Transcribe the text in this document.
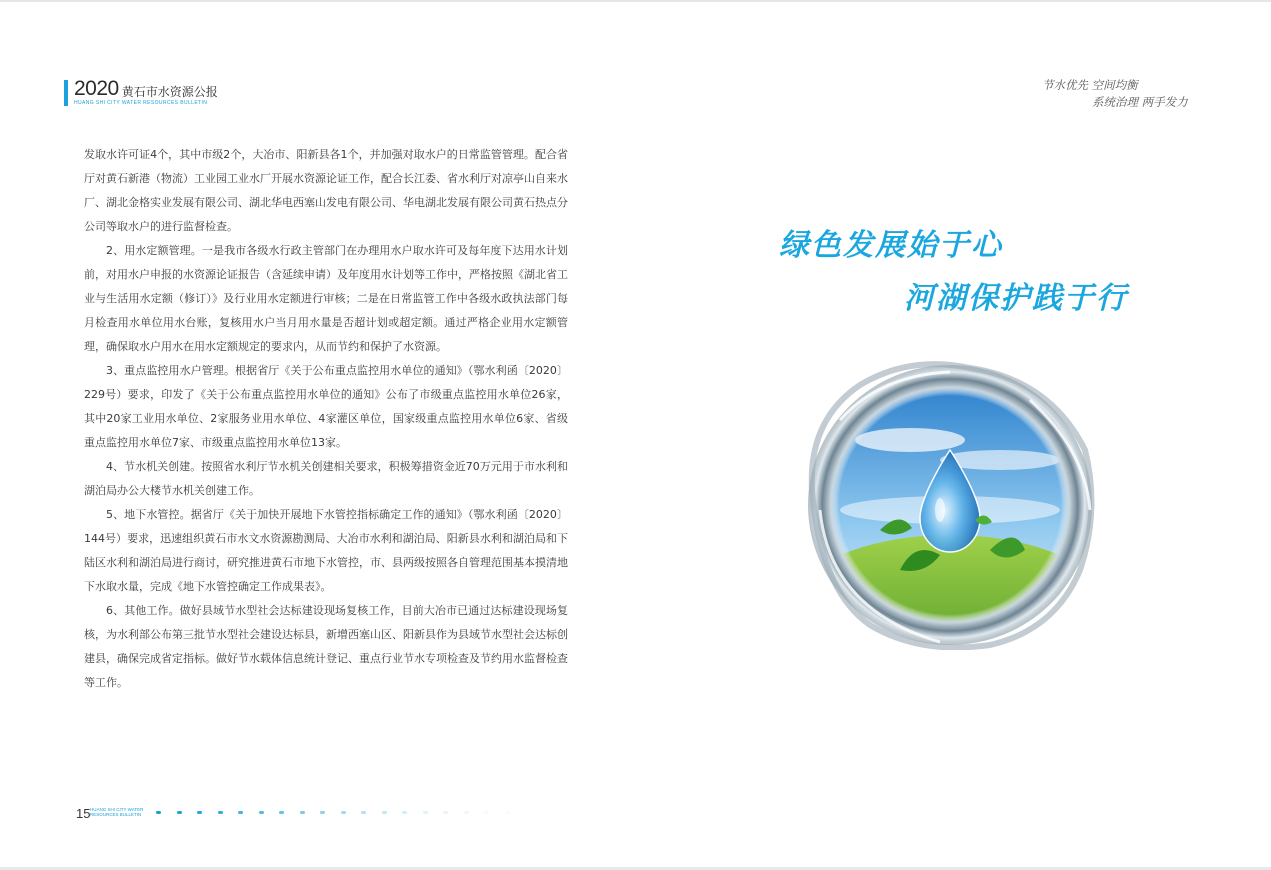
2020 黄石市水资源公报
HUANG SHI CITY WATER RESOURCES BULLETIN
节水优先 空间均衡
系统治理 两手发力

发取水许可证4个，其中市级2个，大冶市、阳新县各1个，并加强对取水户的日常监管管理。配合省厅对黄石新港（物流）工业园工业水厂开展水资源论证工作，配合长江委、省水利厅对凉亭山自来水厂、湖北金格实业发展有限公司、湖北华电西塞山发电有限公司、华电湖北发展有限公司黄石热点分公司等取水户的进行监督检查。

2、用水定额管理。一是我市各级水行政主管部门在办理用水户取水许可及每年度下达用水计划前，对用水户申报的水资源论证报告（含延续申请）及年度用水计划等工作中，严格按照《湖北省工业与生活用水定额（修订）》及行业用水定额进行审核；二是在日常监管工作中各级水政执法部门每月检查用水单位用水台账，复核用水户当月用水量是否超计划或超定额。通过严格企业用水定额管理，确保取水户用水在用水定额规定的要求内，从而节约和保护了水资源。

3、重点监控用水户管理。根据省厅《关于公布重点监控用水单位的通知》（鄂水利函〔2020〕229号）要求，印发了《关于公布重点监控用水单位的通知》公布了市级重点监控用水单位26家，其中20家工业用水单位、2家服务业用水单位、4家灌区单位，国家级重点监控用水单位6家、省级重点监控用水单位7家、市级重点监控用水单位13家。

4、节水机关创建。按照省水利厅节水机关创建相关要求，积极筹措资金近70万元用于市水利和湖泊局办公大楼节水机关创建工作。

5、地下水管控。据省厅《关于加快开展地下水管控指标确定工作的通知》（鄂水利函〔2020〕144号）要求，迅速组织黄石市水文水资源勘测局、大冶市水利和湖泊局、阳新县水利和湖泊局和下陆区水利和湖泊局进行商讨，研究推进黄石市地下水管控，市、县两级按照各自管理范围基本摸清地下水取水量，完成《地下水管控确定工作成果表》。

6、其他工作。做好县域节水型社会达标建设现场复核工作，目前大冶市已通过达标建设现场复核，为水利部公布第三批节水型社会建设达标县，新增西塞山区、阳新县作为县域节水型社会达标创建县，确保完成省定指标。做好节水载体信息统计登记、重点行业节水专项检查及节约用水监督检查等工作。

绿色发展始于心
河湖保护践于行
15 HUANG SHI CITY WATER
RESOURCES BULLETIN
